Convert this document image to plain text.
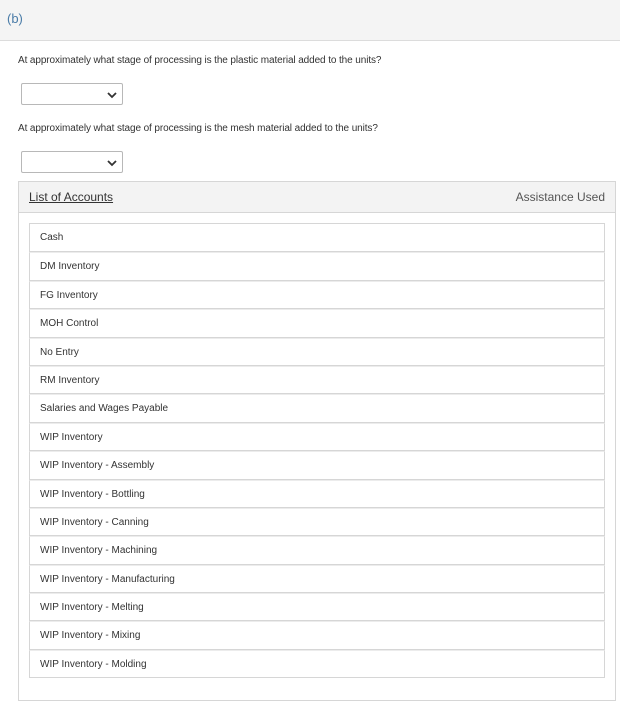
(b)
At approximately what stage of processing is the plastic material added to the units?
At approximately what stage of processing is the mesh material added to the units?
List of Accounts	Assistance Used
Cash
DM Inventory
FG Inventory
MOH Control
No Entry
RM Inventory
Salaries and Wages Payable
WIP Inventory
WIP Inventory - Assembly
WIP Inventory - Bottling
WIP Inventory - Canning
WIP Inventory - Machining
WIP Inventory - Manufacturing
WIP Inventory - Melting
WIP Inventory - Mixing
WIP Inventory - Molding
